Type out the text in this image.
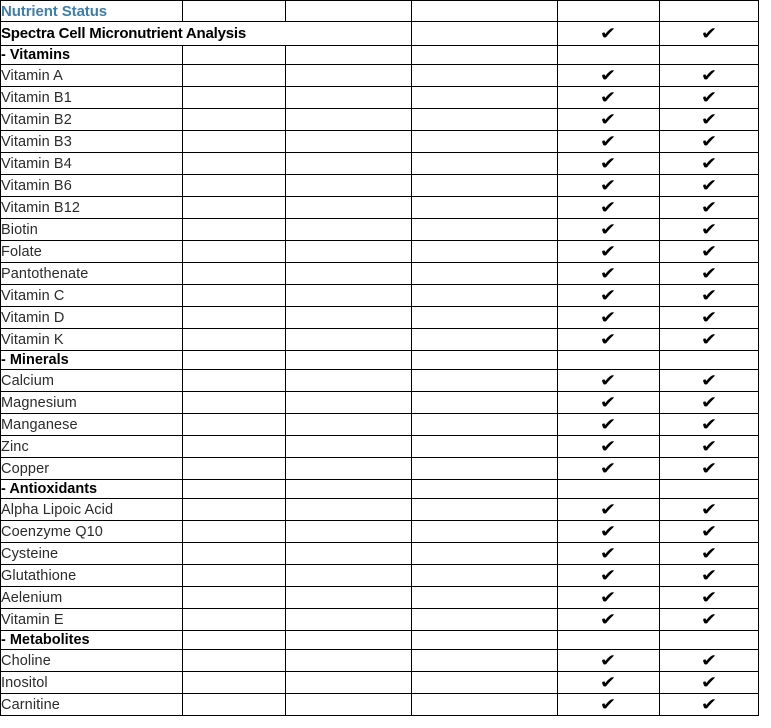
Nutrient Status					
Spectra Cell Micronutrient Analysis				✔	✔
- Vitamins					
Vitamin A				✔	✔
Vitamin B1				✔	✔
Vitamin B2				✔	✔
Vitamin B3				✔	✔
Vitamin B4				✔	✔
Vitamin B6				✔	✔
Vitamin B12				✔	✔
Biotin				✔	✔
Folate				✔	✔
Pantothenate				✔	✔
Vitamin C				✔	✔
Vitamin D				✔	✔
Vitamin K				✔	✔
- Minerals					
Calcium				✔	✔
Magnesium				✔	✔
Manganese				✔	✔
Zinc				✔	✔
Copper				✔	✔
- Antioxidants					
Alpha Lipoic Acid				✔	✔
Coenzyme Q10				✔	✔
Cysteine				✔	✔
Glutathione				✔	✔
Aelenium				✔	✔
Vitamin E				✔	✔
- Metabolites					
Choline				✔	✔
Inositol				✔	✔
Carnitine				✔	✔
